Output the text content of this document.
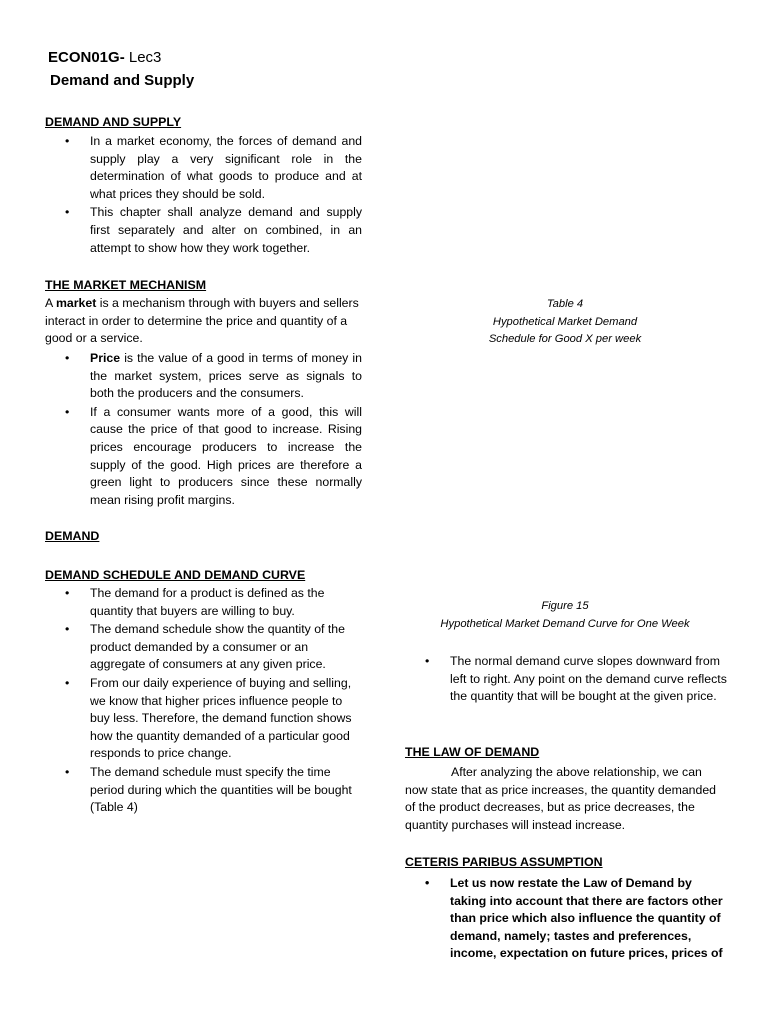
ECON01G- Lec3
Demand and Supply
DEMAND AND SUPPLY
• In a market economy, the forces of demand and supply play a very significant role in the determination of what goods to produce and at what prices they should be sold.
• This chapter shall analyze demand and supply first separately and alter on combined, in an attempt to show how they work together.
THE MARKET MECHANISM
A market is a mechanism through with buyers and sellers interact in order to determine the price and quantity of a good or a service.
• Price is the value of a good in terms of money in the market system, prices serve as signals to both the producers and the consumers.
• If a consumer wants more of a good, this will cause the price of that good to increase. Rising prices encourage producers to increase the supply of the good. High prices are therefore a green light to producers since these normally mean rising profit margins.
DEMAND
DEMAND SCHEDULE AND DEMAND CURVE
• The demand for a product is defined as the quantity that buyers are willing to buy.
• The demand schedule show the quantity of the product demanded by a consumer or an aggregate of consumers at any given price.
• From our daily experience of buying and selling, we know that higher prices influence people to buy less. Therefore, the demand function shows how the quantity demanded of a particular good responds to price change.
• The demand schedule must specify the time period during which the quantities will be bought (Table 4)
Table 4
Hypothetical Market Demand
Schedule for Good X per week
Figure 15
Hypothetical Market Demand Curve for One Week
• The normal demand curve slopes downward from left to right. Any point on the demand curve reflects the quantity that will be bought at the given price.
THE LAW OF DEMAND
After analyzing the above relationship, we can now state that as price increases, the quantity demanded of the product decreases, but as price decreases, the quantity purchases will instead increase.
CETERIS PARIBUS ASSUMPTION
• Let us now restate the Law of Demand by taking into account that there are factors other than price which also influence the quantity of demand, namely; tastes and preferences, income, expectation on future prices, prices of
